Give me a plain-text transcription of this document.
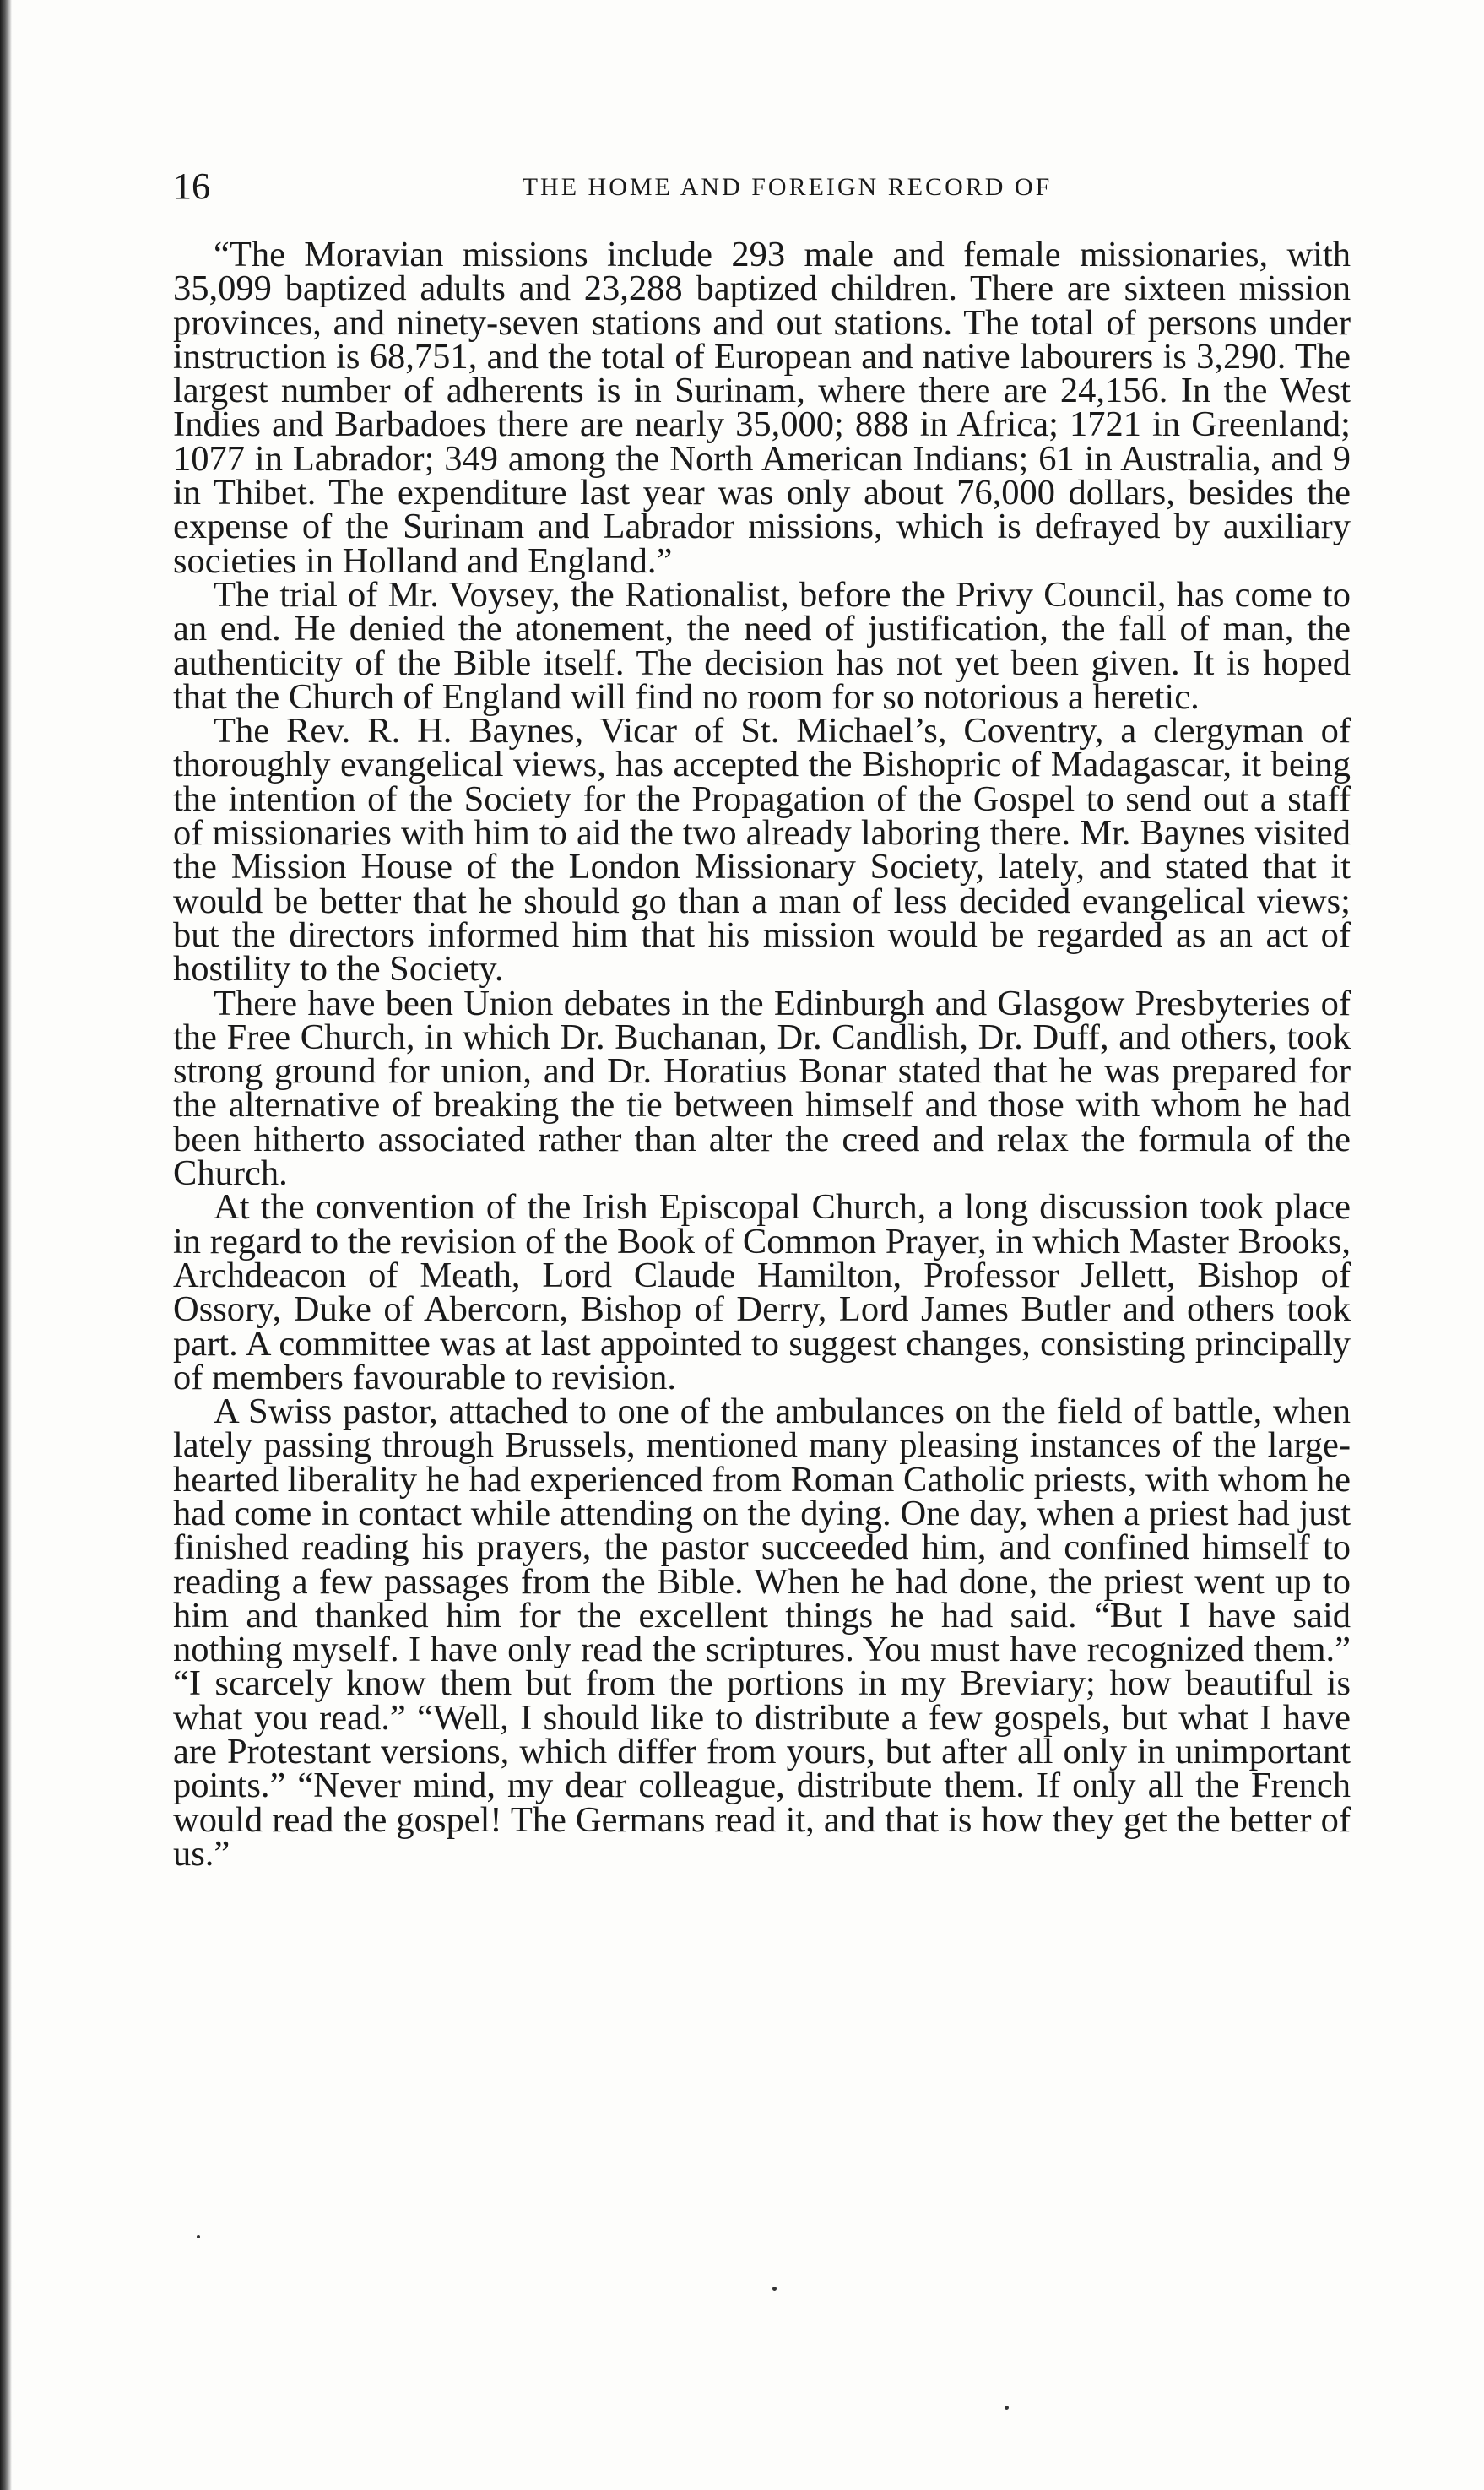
16	THE HOME AND FOREIGN RECORD OF

“The Moravian missions include 293 male and female missionaries, with 35,099 baptized adults and 23,288 baptized children. There are sixteen mission provinces, and ninety-seven stations and out stations. The total of persons under instruction is 68,751, and the total of European and native labourers is 3,290. The largest number of adherents is in Surinam, where there are 24,156. In the West Indies and Barbadoes there are nearly 35,000; 888 in Africa; 1721 in Greenland; 1077 in Labrador; 349 among the North American Indians; 61 in Australia, and 9 in Thibet. The expenditure last year was only about 76,000 dollars, besides the expense of the Surinam and Labrador missions, which is defrayed by auxiliary societies in Holland and England.”

The trial of Mr. Voysey, the Rationalist, before the Privy Council, has come to an end. He denied the atonement, the need of justification, the fall of man, the authenticity of the Bible itself. The decision has not yet been given. It is hoped that the Church of England will find no room for so notorious a heretic.

The Rev. R. H. Baynes, Vicar of St. Michael’s, Coventry, a clergyman of thoroughly evangelical views, has accepted the Bishopric of Madagascar, it being the intention of the Society for the Propagation of the Gospel to send out a staff of missionaries with him to aid the two already laboring there. Mr. Baynes visited the Mission House of the London Missionary Society, lately, and stated that it would be better that he should go than a man of less decided evangelical views; but the directors informed him that his mission would be regarded as an act of hostility to the Society.

There have been Union debates in the Edinburgh and Glasgow Presbyteries of the Free Church, in which Dr. Buchanan, Dr. Candlish, Dr. Duff, and others, took strong ground for union, and Dr. Horatius Bonar stated that he was prepared for the alternative of breaking the tie between himself and those with whom he had been hitherto associated rather than alter the creed and relax the formula of the Church.

At the convention of the Irish Episcopal Church, a long discussion took place in regard to the revision of the Book of Common Prayer, in which Master Brooks, Archdeacon of Meath, Lord Claude Hamilton, Professor Jellett, Bishop of Ossory, Duke of Abercorn, Bishop of Derry, Lord James Butler and others took part. A committee was at last appointed to suggest changes, consisting principally of members favourable to revision.

A Swiss pastor, attached to one of the ambulances on the field of battle, when lately passing through Brussels, mentioned many pleasing instances of the large-hearted liberality he had experienced from Roman Catholic priests, with whom he had come in contact while attending on the dying. One day, when a priest had just finished reading his prayers, the pastor succeeded him, and confined himself to reading a few passages from the Bible. When he had done, the priest went up to him and thanked him for the excellent things he had said. “But I have said nothing myself. I have only read the scriptures. You must have recognized them.” “I scarcely know them but from the portions in my Breviary; how beautiful is what you read.” “Well, I should like to distribute a few gospels, but what I have are Protestant versions, which differ from yours, but after all only in unimportant points.” “Never mind, my dear colleague, distribute them. If only all the French would read the gospel! The Germans read it, and that is how they get the better of us.”
